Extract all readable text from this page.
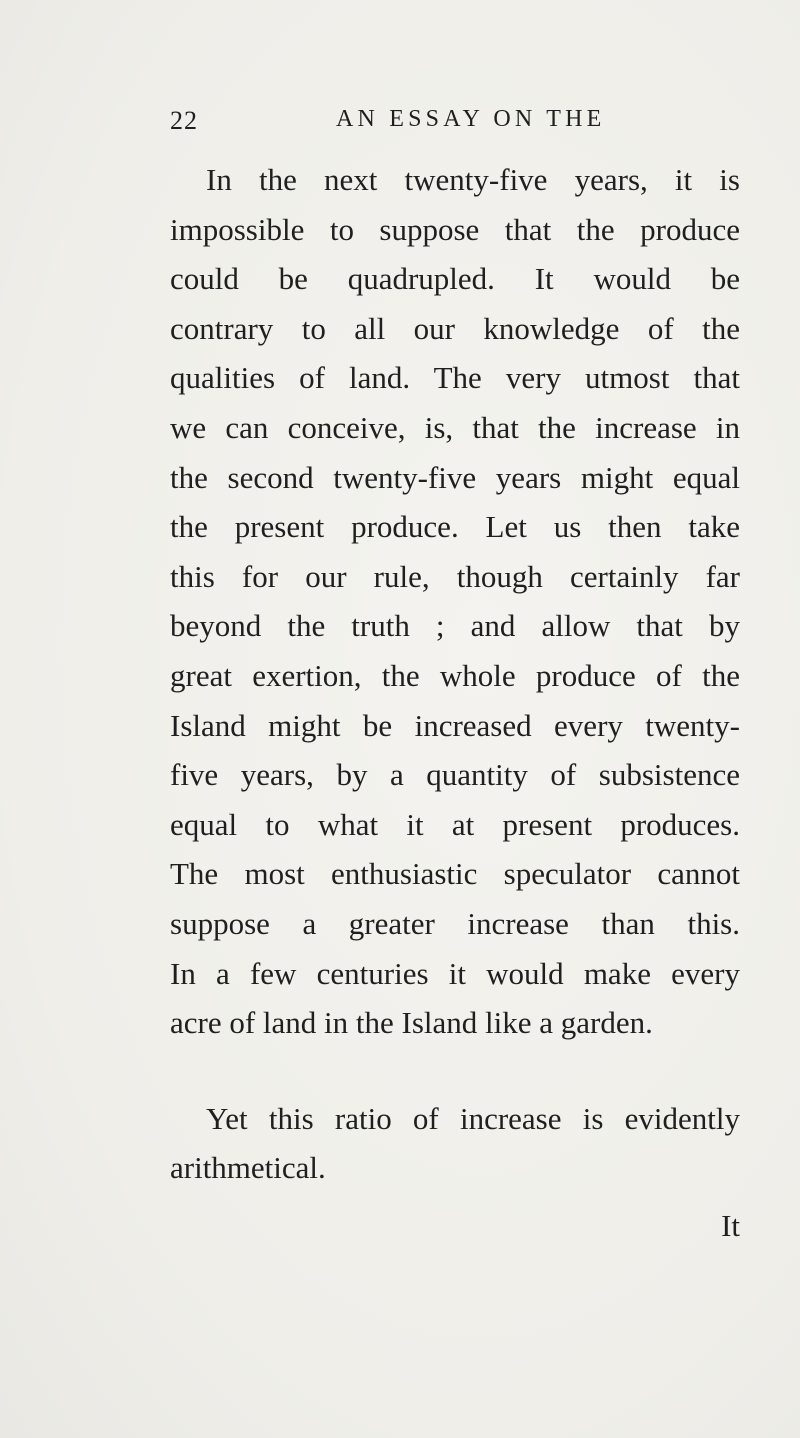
22	AN ESSAY ON THE
In the next twenty-five years, it is
impossible to suppose that the produce
could be quadrupled. It would be
contrary to all our knowledge of the
qualities of land. The very utmost that
we can conceive, is, that the increase in
the second twenty-five years might equal
the present produce. Let us then take
this for our rule, though certainly far
beyond the truth ; and allow that by
great exertion, the whole produce of the
Island might be increased every twenty-
five years, by a quantity of subsistence
equal to what it at present produces.
The most enthusiastic speculator cannot
suppose a greater increase than this.
In a few centuries it would make every
acre of land in the Island like a garden.
Yet this ratio of increase is evidently
arithmetical.
It
